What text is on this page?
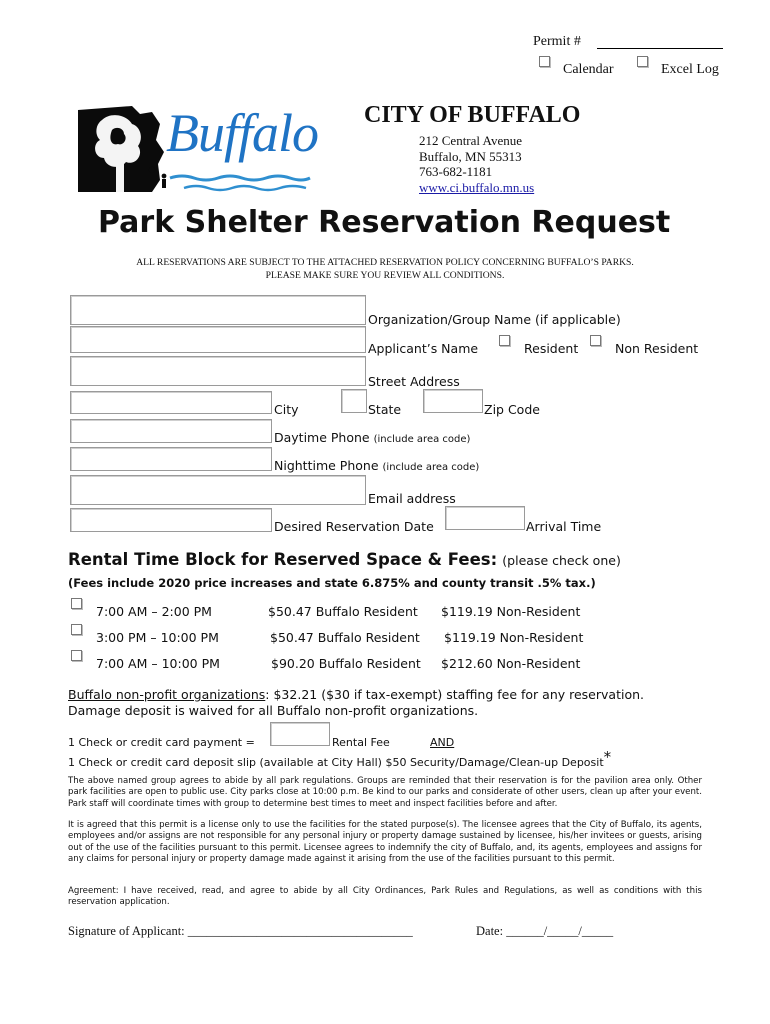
Permit #
Calendar	Excel Log
Buffalo CITY OF BUFFALO
212 Central Avenue
Buffalo, MN 55313
763-682-1181
www.ci.buffalo.mn.us
Park Shelter Reservation Request
ALL RESERVATIONS ARE SUBJECT TO THE ATTACHED RESERVATION POLICY CONCERNING BUFFALO’S PARKS.
PLEASE MAKE SURE YOU REVIEW ALL CONDITIONS.
Organization/Group Name (if applicable)
Applicant’s Name	Resident	Non Resident
Street Address
City	State	Zip Code
Daytime Phone (include area code)
Nighttime Phone (include area code)
Email address
Desired Reservation Date	Arrival Time
Rental Time Block for Reserved Space & Fees: (please check one)
(Fees include 2020 price increases and state 6.875% and county transit .5% tax.)
7:00 AM – 2:00 PM	$50.47 Buffalo Resident $119.19 Non-Resident
3:00 PM – 10:00 PM	$50.47 Buffalo Resident $119.19 Non-Resident
7:00 AM – 10:00 PM	$90.20 Buffalo Resident $212.60 Non-Resident
Buffalo non-profit organizations: $32.21 ($30 if tax-exempt) staffing fee for any reservation.
Damage deposit is waived for all Buffalo non-profit organizations.
1 Check or credit card payment =	Rental Fee	AND
1 Check or credit card deposit slip (available at City Hall) $50 Security/Damage/Clean-up Deposit*
The above named group agrees to abide by all park regulations. Groups are reminded that their reservation is for the pavilion area only. Other park facilities are open to public use. City parks close at 10:00 p.m. Be kind to our parks and considerate of other users, clean up after your event. Park staff will coordinate times with group to determine best times to meet and inspect facilities before and after.
It is agreed that this permit is a license only to use the facilities for the stated purpose(s). The licensee agrees that the City of Buffalo, its agents, employees and/or assigns are not responsible for any personal injury or property damage sustained by licensee, his/her invitees or guests, arising out of the use of the facilities pursuant to this permit. Licensee agrees to indemnify the city of Buffalo, and, its agents, employees and assigns for any claims for personal injury or property damage made against it arising from the use of the facilities pursuant to this permit.
Agreement: I have received, read, and agree to abide by all City Ordinances, Park Rules and Regulations, as well as conditions with this reservation application.
Signature of Applicant: ____________________________________	Date: ______/_____/_____
